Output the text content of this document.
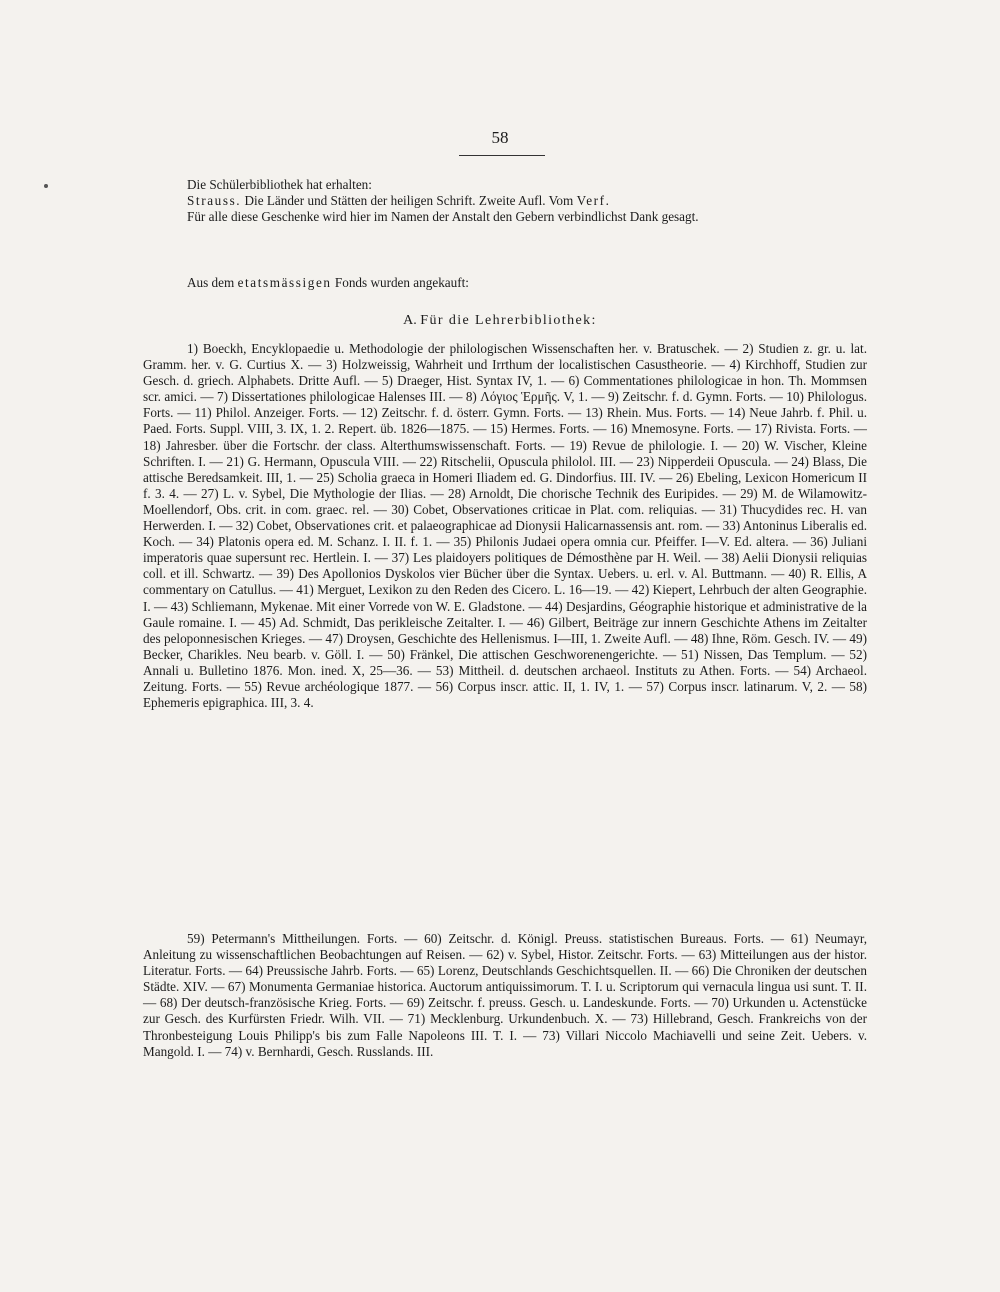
58

Die Schülerbibliothek hat erhalten:

Strauss. Die Länder und Stätten der heiligen Schrift. Zweite Aufl. Vom Verf.

Für alle diese Geschenke wird hier im Namen der Anstalt den Gebern verbindlichst Dank gesagt.

Aus dem etatsmässigen Fonds wurden angekauft:

A. Für die Lehrerbibliothek:

1) Boeckh, Encyklopaedie u. Methodologie der philologischen Wissenschaften her. v. Bratuschek. — 2) Studien z. gr. u. lat. Gramm. her. v. G. Curtius X. — 3) Holzweissig, Wahrheit und Irrthum der localistischen Casustheorie. — 4) Kirchhoff, Studien zur Gesch. d. griech. Alphabets. Dritte Aufl. — 5) Draeger, Hist. Syntax IV, 1. — 6) Commentationes philologicae in hon. Th. Mommsen scr. amici. — 7) Dissertationes philologicae Halenses III. — 8) Λόγιος Ἑρμῆς. V, 1. — 9) Zeitschr. f. d. Gymn. Forts. — 10) Philologus. Forts. — 11) Philol. Anzeiger. Forts. — 12) Zeitschr. f. d. österr. Gymn. Forts. — 13) Rhein. Mus. Forts. — 14) Neue Jahrb. f. Phil. u. Paed. Forts. Suppl. VIII, 3. IX, 1. 2. Repert. üb. 1826—1875. — 15) Hermes. Forts. — 16) Mnemosyne. Forts. — 17) Rivista. Forts. — 18) Jahresber. über die Fortschr. der class. Alterthumswissenschaft. Forts. — 19) Revue de philologie. I. — 20) W. Vischer, Kleine Schriften. I. — 21) G. Hermann, Opuscula VIII. — 22) Ritschelii, Opuscula philolol. III. — 23) Nipperdeii Opuscula. — 24) Blass, Die attische Beredsamkeit. III, 1. — 25) Scholia graeca in Homeri Iliadem ed. G. Dindorfius. III. IV. — 26) Ebeling, Lexicon Homericum II f. 3. 4. — 27) L. v. Sybel, Die Mythologie der Ilias. — 28) Arnoldt, Die chorische Technik des Euripides. — 29) M. de Wilamowitz-Moellendorf, Obs. crit. in com. graec. rel. — 30) Cobet, Observationes criticae in Plat. com. reliquias. — 31) Thucydides rec. H. van Herwerden. I. — 32) Cobet, Observationes crit. et palaeographicae ad Dionysii Halicarnassensis ant. rom. — 33) Antoninus Liberalis ed. Koch. — 34) Platonis opera ed. M. Schanz. I. II. f. 1. — 35) Philonis Judaei opera omnia cur. Pfeiffer. I—V. Ed. altera. — 36) Juliani imperatoris quae supersunt rec. Hertlein. I. — 37) Les plaidoyers politiques de Démosthène par H. Weil. — 38) Aelii Dionysii reliquias coll. et ill. Schwartz. — 39) Des Apollonios Dyskolos vier Bücher über die Syntax. Uebers. u. erl. v. Al. Buttmann. — 40) R. Ellis, A commentary on Catullus. — 41) Merguet, Lexikon zu den Reden des Cicero. L. 16—19. — 42) Kiepert, Lehrbuch der alten Geographie. I. — 43) Schliemann, Mykenae. Mit einer Vorrede von W. E. Gladstone. — 44) Desjardins, Géographie historique et administrative de la Gaule romaine. I. — 45) Ad. Schmidt, Das perikleische Zeitalter. I. — 46) Gilbert, Beiträge zur innern Geschichte Athens im Zeitalter des peloponnesischen Krieges. — 47) Droysen, Geschichte des Hellenismus. I—III, 1. Zweite Aufl. — 48) Ihne, Röm. Gesch. IV. — 49) Becker, Charikles. Neu bearb. v. Göll. I. — 50) Fränkel, Die attischen Geschworenengerichte. — 51) Nissen, Das Templum. — 52) Annali u. Bulletino 1876. Mon. ined. X, 25—36. — 53) Mittheil. d. deutschen archaeol. Instituts zu Athen. Forts. — 54) Archaeol. Zeitung. Forts. — 55) Revue archéologique 1877. — 56) Corpus inscr. attic. II, 1. IV, 1. — 57) Corpus inscr. latinarum. V, 2. — 58) Ephemeris epigraphica. III, 3. 4.

59) Petermann's Mittheilungen. Forts. — 60) Zeitschr. d. Königl. Preuss. statistischen Bureaus. Forts. — 61) Neumayr, Anleitung zu wissenschaftlichen Beobachtungen auf Reisen. — 62) v. Sybel, Histor. Zeitschr. Forts. — 63) Mitteilungen aus der histor. Literatur. Forts. — 64) Preussische Jahrb. Forts. — 65) Lorenz, Deutschlands Geschichtsquellen. II. — 66) Die Chroniken der deutschen Städte. XIV. — 67) Monumenta Germaniae historica. Auctorum antiquissimorum. T. I. u. Scriptorum qui vernacula lingua usi sunt. T. II. — 68) Der deutsch-französische Krieg. Forts. — 69) Zeitschr. f. preuss. Gesch. u. Landeskunde. Forts. — 70) Urkunden u. Actenstücke zur Gesch. des Kurfürsten Friedr. Wilh. VII. — 71) Mecklenburg. Urkundenbuch. X. — 73) Hillebrand, Gesch. Frankreichs von der Thronbesteigung Louis Philipp's bis zum Falle Napoleons III. T. I. — 73) Villari Niccolo Machiavelli und seine Zeit. Uebers. v. Mangold. I. — 74) v. Bernhardi, Gesch. Russlands. III.
